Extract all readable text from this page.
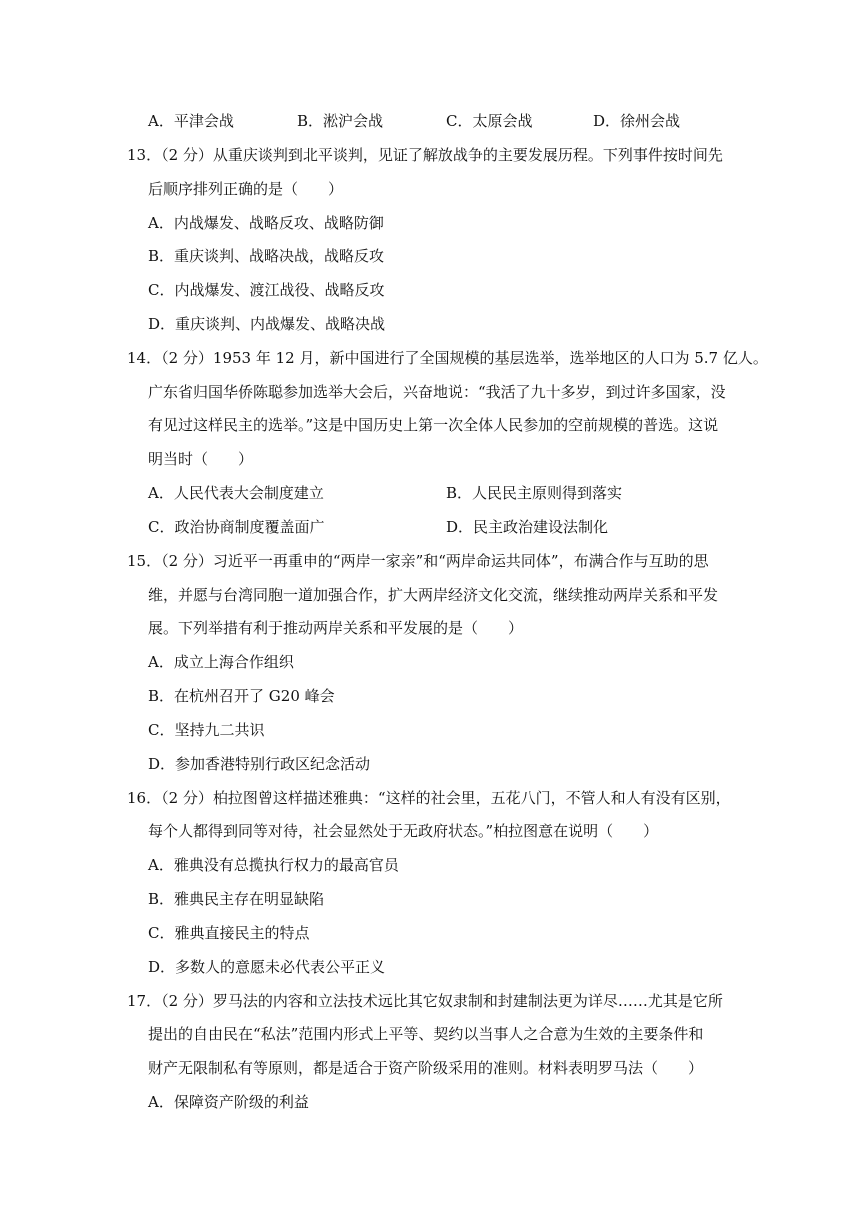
A．平津会战	B．淞沪会战	C．太原会战	D．徐州会战
13．（2 分）从重庆谈判到北平谈判，见证了解放战争的主要发展历程。下列事件按时间先
后顺序排列正确的是（　　）
A．内战爆发、战略反攻、战略防御
B．重庆谈判、战略决战，战略反攻
C．内战爆发、渡江战役、战略反攻
D．重庆谈判、内战爆发、战略决战
14．（2 分）1953 年 12 月，新中国进行了全国规模的基层选举，选举地区的人口为 5.7 亿人。
广东省归国华侨陈聪参加选举大会后，兴奋地说：“我活了九十多岁，到过许多国家，没
有见过这样民主的选举。”这是中国历史上第一次全体人民参加的空前规模的普选。这说
明当时（　　）
A．人民代表大会制度建立	B．人民民主原则得到落实
C．政治协商制度覆盖面广	D．民主政治建设法制化
15．（2 分）习近平一再重申的“两岸一家亲”和“两岸命运共同体”，布满合作与互助的思
维，并愿与台湾同胞一道加强合作，扩大两岸经济文化交流，继续推动两岸关系和平发
展。下列举措有利于推动两岸关系和平发展的是（　　）
A．成立上海合作组织
B．在杭州召开了 G20 峰会
C．坚持九二共识
D．参加香港特别行政区纪念活动
16．（2 分）柏拉图曾这样描述雅典：“这样的社会里，五花八门，不管人和人有没有区别，
每个人都得到同等对待，社会显然处于无政府状态。”柏拉图意在说明（　　）
A．雅典没有总揽执行权力的最高官员
B．雅典民主存在明显缺陷
C．雅典直接民主的特点
D．多数人的意愿未必代表公平正义
17．（2 分）罗马法的内容和立法技术远比其它奴隶制和封建制法更为详尽……尤其是它所
提出的自由民在“私法”范围内形式上平等、契约以当事人之合意为生效的主要条件和
财产无限制私有等原则，都是适合于资产阶级采用的准则。材料表明罗马法（　　）
A．保障资产阶级的利益
